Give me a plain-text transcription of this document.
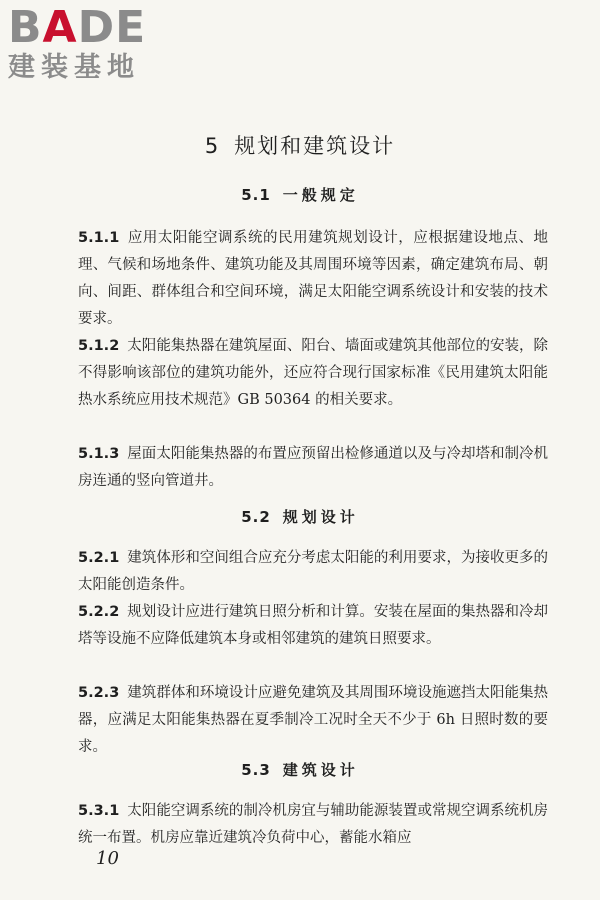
BADE
建装基地
5 规划和建筑设计
5.1 一般规定
5.1.1 应用太阳能空调系统的民用建筑规划设计，应根据建设地点、地理、气候和场地条件、建筑功能及其周围环境等因素，确定建筑布局、朝向、间距、群体组合和空间环境，满足太阳能空调系统设计和安装的技术要求。
5.1.2 太阳能集热器在建筑屋面、阳台、墙面或建筑其他部位的安装，除不得影响该部位的建筑功能外，还应符合现行国家标准《民用建筑太阳能热水系统应用技术规范》GB 50364 的相关要求。
5.1.3 屋面太阳能集热器的布置应预留出检修通道以及与冷却塔和制冷机房连通的竖向管道井。
5.2 规划设计
5.2.1 建筑体形和空间组合应充分考虑太阳能的利用要求，为接收更多的太阳能创造条件。
5.2.2 规划设计应进行建筑日照分析和计算。安装在屋面的集热器和冷却塔等设施不应降低建筑本身或相邻建筑的建筑日照要求。
5.2.3 建筑群体和环境设计应避免建筑及其周围环境设施遮挡太阳能集热器，应满足太阳能集热器在夏季制冷工况时全天不少于 6h 日照时数的要求。
5.3 建筑设计
5.3.1 太阳能空调系统的制冷机房宜与辅助能源装置或常规空调系统机房统一布置。机房应靠近建筑冷负荷中心，蓄能水箱应
10
